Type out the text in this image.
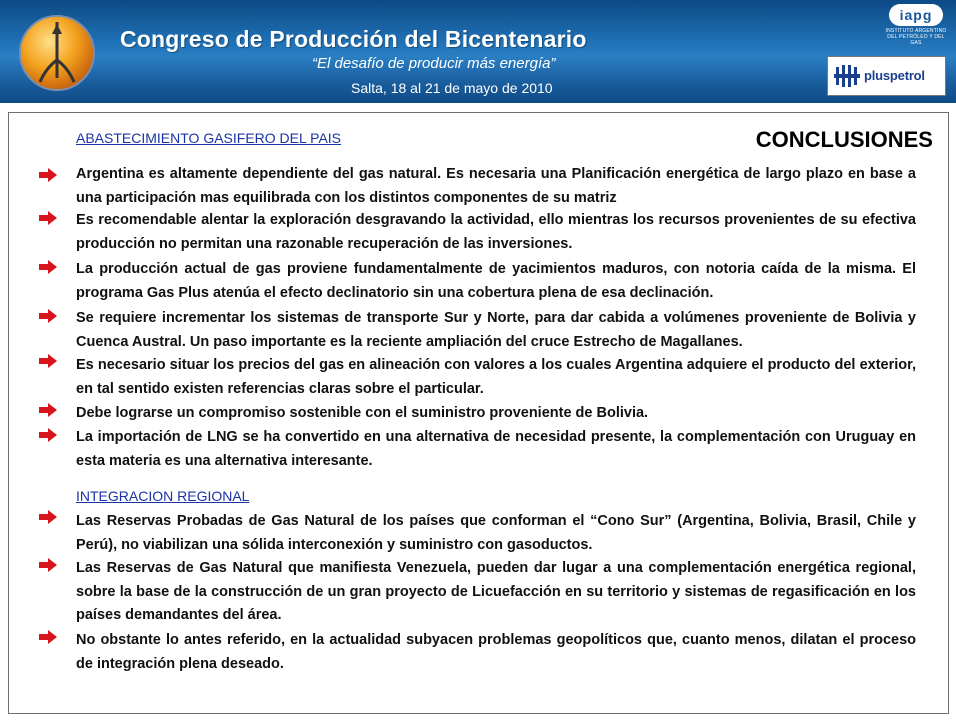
Congreso de Producción del Bicentenario
“El desafío de producir más energía”
Salta, 18 al 21 de mayo de 2010
iapg
INSTITUTO ARGENTINO DEL PETRÓLEO Y DEL GAS
pluspetrol
CONCLUSIONES
ABASTECIMIENTO GASIFERO DEL PAIS
Argentina es altamente dependiente del gas natural. Es necesaria una Planificación energética de largo plazo en base a una participación mas equilibrada con los distintos componentes de su matriz
Es recomendable alentar la exploración desgravando la actividad, ello mientras los recursos provenientes de su efectiva producción no permitan una razonable recuperación de las inversiones.
La producción actual de gas proviene fundamentalmente de yacimientos maduros, con notoria caída de la misma. El programa Gas Plus atenúa el efecto declinatorio sin una cobertura plena de esa declinación.
Se requiere incrementar los sistemas de transporte Sur y Norte, para dar cabida a volúmenes proveniente de Bolivia y Cuenca Austral. Un paso importante es la reciente ampliación del cruce Estrecho de Magallanes.
Es necesario situar los precios del gas en alineación con valores a los cuales Argentina adquiere el producto del exterior, en tal sentido existen referencias claras sobre el particular.
Debe lograrse un compromiso sostenible con el suministro proveniente de Bolivia.
La importación de LNG se ha convertido en una alternativa de necesidad presente, la complementación con Uruguay en esta materia es una alternativa interesante.
INTEGRACION REGIONAL
Las Reservas Probadas de Gas Natural de los países que conforman el “Cono Sur” (Argentina, Bolivia, Brasil, Chile y Perú), no viabilizan una sólida interconexión y suministro con gasoductos.
Las Reservas de Gas Natural que manifiesta Venezuela, pueden dar lugar a una complementación energética regional, sobre la base de la construcción de un gran proyecto de Licuefacción en su territorio y sistemas de regasificación en los países demandantes del área.
No obstante lo antes referido, en la actualidad subyacen problemas geopolíticos que, cuanto menos, dilatan el proceso de integración plena deseado.
